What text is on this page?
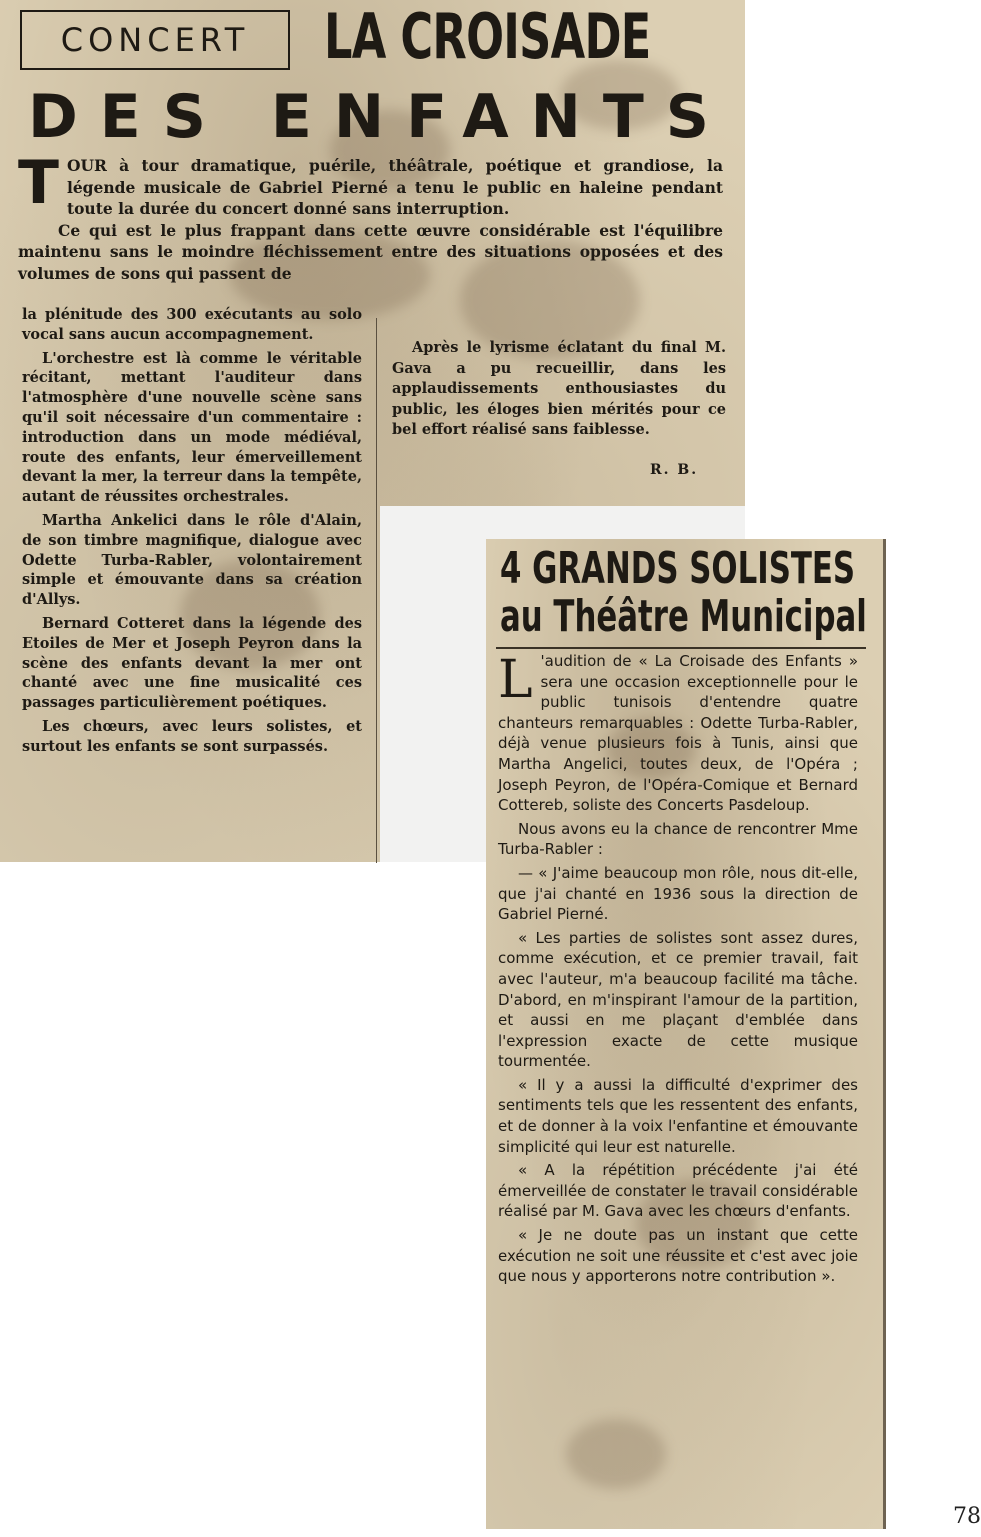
CONCERT	LA CROISADE
DES ENFANTS
T OUR à tour dramatique, puérile, théâtrale, poétique et grandiose, la légende musicale de Gabriel Pierné a tenu le public en haleine pendant toute la durée du concert donné sans interruption.

Ce qui est le plus frappant dans cette œuvre considérable est l'équilibre maintenu sans le moindre fléchissement entre des situations opposées et des volumes de sons qui passent de

la plénitude des 300 exécutants au solo vocal sans aucun accompagnement.

L'orchestre est là comme le véritable récitant, mettant l'auditeur dans l'atmosphère d'une nouvelle scène sans qu'il soit nécessaire d'un commentaire : introduction dans un mode médiéval, route des enfants, leur émerveillement devant la mer, la terreur dans la tempête, autant de réussites orchestrales.

Martha Ankelici dans le rôle d'Alain, de son timbre magnifique, dialogue avec Odette Turba-Rabler, volontairement simple et émouvante dans sa création d'Allys.

Bernard Cotteret dans la légende des Etoiles de Mer et Joseph Peyron dans la scène des enfants devant la mer ont chanté avec une fine musicalité ces passages particulièrement poétiques.

Les chœurs, avec leurs solistes, et surtout les enfants se sont surpassés.

Après le lyrisme éclatant du final M. Gava a pu recueillir, dans les applaudissements enthousiastes du public, les éloges bien mérités pour ce bel effort réalisé sans faiblesse.

R. B.
4 GRANDS SOLISTES
au Théâtre Municipal
L 'audition de « La Croisade des Enfants » sera une occasion exceptionnelle pour le public tunisois d'entendre quatre chanteurs remarquables : Odette Turba-Rabler, déjà venue plusieurs fois à Tunis, ainsi que Martha Angelici, toutes deux, de l'Opéra ; Joseph Peyron, de l'Opéra-Comique et Bernard Cottereb, soliste des Concerts Pasdeloup.

Nous avons eu la chance de rencontrer Mme Turba-Rabler :

— « J'aime beaucoup mon rôle, nous dit-elle, que j'ai chanté en 1936 sous la direction de Gabriel Pierné.

« Les parties de solistes sont assez dures, comme exécution, et ce premier travail, fait avec l'auteur, m'a beaucoup facilité ma tâche. D'abord, en m'inspirant l'amour de la partition, et aussi en me plaçant d'emblée dans l'expression exacte de cette musique tourmentée.

« Il y a aussi la difficulté d'exprimer des sentiments tels que les ressentent des enfants, et de donner à la voix l'enfantine et émouvante simplicité qui leur est naturelle.

« A la répétition précédente j'ai été émerveillée de constater le travail considérable réalisé par M. Gava avec les chœurs d'enfants.

« Je ne doute pas un instant que cette exécution ne soit une réussite et c'est avec joie que nous y apporterons notre contribution ».

78
